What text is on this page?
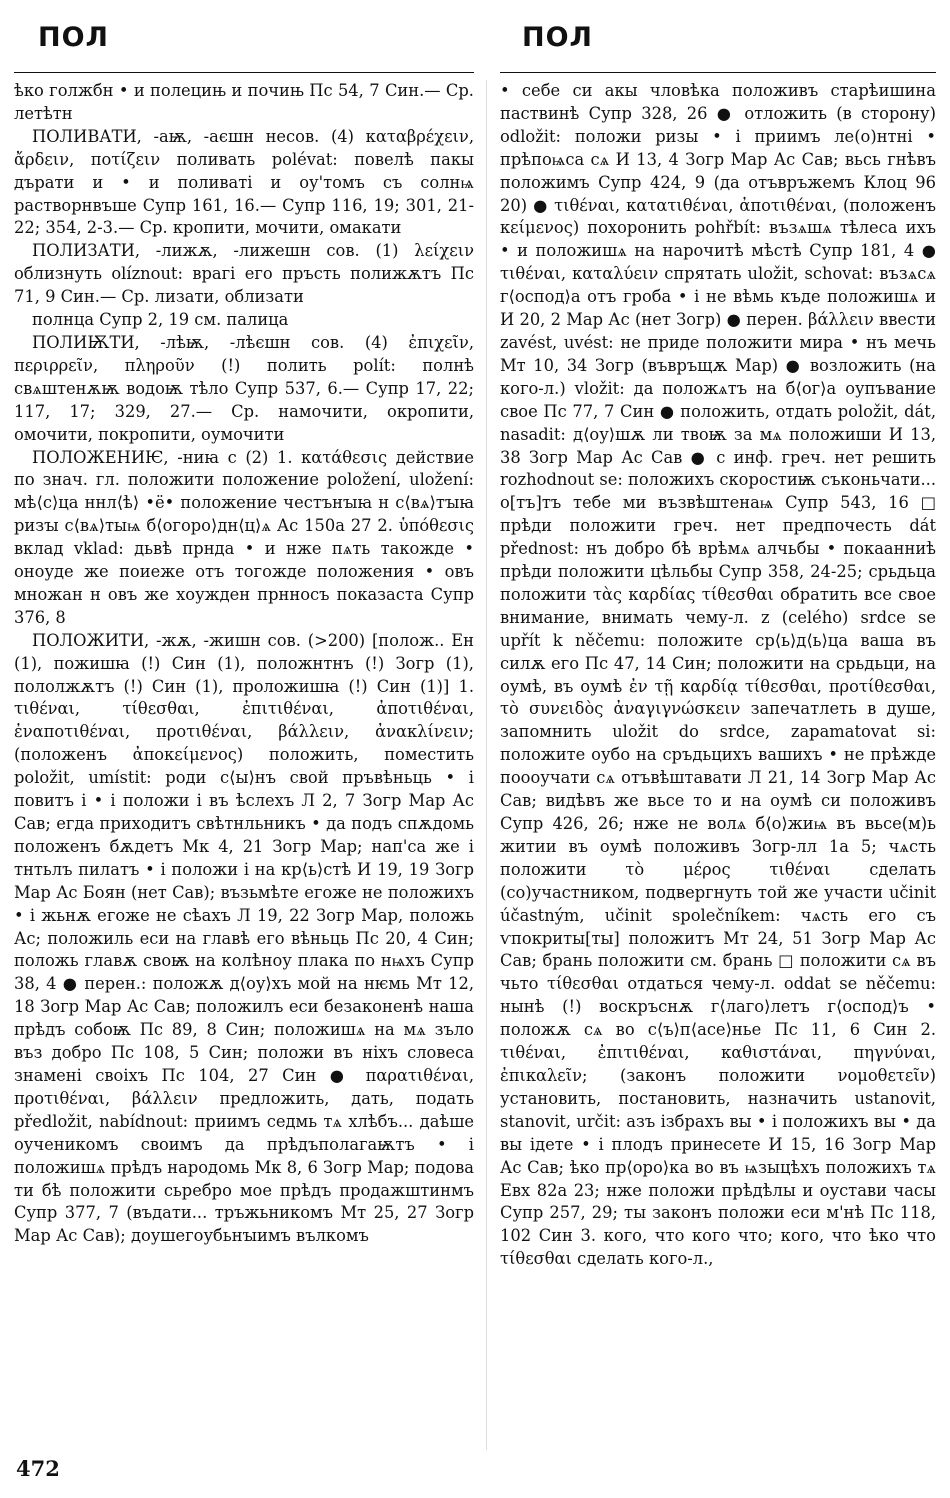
ПОЛ	ПОЛ

ѣко голжбн • и полецињ и почињ Пс 54, 7 Син.— Ср. летѣтн

ПОЛИВАТИ, -аѭ, -аєшн несов. (4) καταβρέχειν, ἄρδειν, ποτίζειν поливать polévat: повелѣ пакы дърати и • и поливаті и оу'томъ съ солнѩ растворнвъше Супр 161, 16.— Супр 116, 19; 301, 21-22; 354, 2-3.— Ср. кропити, мочити, омакати

ПОЛИЗАТИ, -лижѫ, -лижешн сов. (1) λείχειν облизнуть olíznout: врагі его пръсть полижѫтъ Пс 71, 9 Син.— Ср. лизати, облизати

полнца Супр 2, 19 см. палица

ПОЛИѬТИ, -лѣѭ, -лѣєшн сов. (4) ἐπιχεῖν, περιρρεῖν, πληροῦν (!) полить polít: полнѣ свѧштенѫѭ водоѭ тѣло Супр 537, 6.— Супр 17, 22; 117, 17; 329, 27.— Ср. намочити, окропити, омочити, покропити, оумочити

ПОЛОЖЕНИѤ, -ниꙗ с (2) 1. κατάθεσις действие по знач. гл. положити положение položení, uložení: мѣ⟨с⟩ца ннл⟨ѣ⟩ •ё• положение честънꙑꙗ н с⟨вѧ⟩тꙑꙗ ризꙑ с⟨вѧ⟩тыѩ б⟨огоро⟩дн⟨ц⟩ѧ Ас 150а 27 2. ὑπόθεσις вклад vklad: дьвѣ прнда • и нже пѧть такожде • оноуде же поиеже отъ тогожде положения • овъ множан н овъ же хоужден прнносъ показаста Супр 376, 8

ПОЛОЖИТИ, -жѫ, -жишн сов. (>200) [полож.. Ен (1), пожишꙗ (!) Син (1), положнтнъ (!) Зогр (1), пололжѫтъ (!) Син (1), проложишꙗ (!) Син (1)] 1. τιθέναι, τίθεσθαι, ἐπιτιθέναι, ἀποτιθέναι, ἐναποτιθέναι, προτιθέναι, βάλλειν, ἀνακλίνειν; (положенъ ἀποκείμενος) положить, поместить položit, umístit: роди с⟨ы⟩нъ свой пръвѣньць • і повитъ і • і положи і въ ѣслехъ Л 2, 7 Зогр Мар Ас Сав; егда приходитъ свѣтнльникъ • да подъ спѫдомь положенъ бѫдетъ Мк 4, 21 Зогр Мар; нап'са же і тнтьлъ пилатъ • і положи і на кр⟨ь⟩стѣ И 19, 19 Зогр Мар Ас Боян (нет Сав); възьмѣте егоже не положихъ • і жьнѫ егоже не сѣахъ Л 19, 22 Зогр Мар, положь Ас; положиль еси на главѣ его вѣньць Пс 20, 4 Син; положь главѫ своѭ на колѣноу плака по нѩхъ Супр 38, 4 ● перен.: положѫ д⟨оу⟩хъ мой на нѥмь Мт 12, 18 Зогр Мар Ас Сав; положилъ еси безаконенѣ наша прѣдъ собоѭ Пс 89, 8 Син; положишѧ на мѧ зъло въз добро Пс 108, 5 Син; положи въ ніхъ словеса знамені своіхъ Пс 104, 27 Син ● παρατιθέναι, προτιθέναι, βάλλειν предложить, дать, подать předložit, nabídnout: приимъ седмь тѧ хлѣбъ... даѣше оученикомъ своимъ да прѣдъполагаѭтъ • і положишѧ прѣдъ народомь Мк 8, 6 Зогр Мар; подова ти бѣ положити сьребро мое прѣдъ продажштинмъ Супр 377, 7 (въдати... тръжьникомъ Мт 25, 27 Зогр Мар Ас Сав); доушегоубьнꙑимъ вълкомъ

• себе си акы чловѣка положивъ старѣишина паствинѣ Супр 328, 26 ● отложить (в сторону) odložit: положи ризы • і приимъ ле(о)нтні • прѣпоѩса сѧ И 13, 4 Зогр Мар Ас Сав; вьсь гнѣвъ положимъ Супр 424, 9 (да отъвръжемъ Клоц 96 20) ● τιθέναι, κατατιθέναι, ἀποτιθέναι, (положенъ κείμενος) похоронить pohřbít: възѧшѧ тѣлеса ихъ • и положишѧ на нарочитѣ мѣстѣ Супр 181, 4 ● τιθέναι, καταλύειν спрятать uložit, schovat: възѧсѧ г⟨оспод⟩а отъ гроба • і не вѣмь къде положишѧ и И 20, 2 Мар Ас (нет Зогр) ● перен. βάλλειν ввести zavést, uvést: не приде положити мира • нъ мечь Мт 10, 34 Зогр (въвръщѫ Мар) ● возложить (на кого-л.) vložit: да положѧтъ на б⟨ог⟩а оупъвание свое Пс 77, 7 Син ● положить, отдать položit, dát, nasadit: д⟨оу⟩шѫ ли твоѭ за мѧ положиши И 13, 38 Зогр Мар Ас Сав ● с инф. греч. нет решить rozhodnout se: положихъ скоростиѭ съконьчати... о[тъ]тъ тебе ми възвѣштенаѩ Супр 543, 16 □ прѣди положити греч. нет предпочесть dát přednost: нъ добро бѣ врѣмѧ алчьбы • покаанниѣ прѣди положити цѣльбы Супр 358, 24-25; срьдьца положити τὰς καρδίας τίθεσθαι обратить все свое внимание, внимать чему-л. z (celého) srdce se upřít k něčemu: положите ср⟨ь⟩д⟨ь⟩ца ваша въ силѫ его Пс 47, 14 Син; положити на срьдьци, на оумѣ, въ оумѣ ἐν τῇ καρδίᾳ τίθεσθαι, προτίθεσθαι, τὸ συνειδὸς ἀναγιγνώσκειν запечатлеть в душе, запомнить uložit do srdce, zapamatovat si: положите оубо на сръдьцихъ вашихъ • не прѣжде поооучати сѧ отъвѣштавати Л 21, 14 Зогр Мар Ас Сав; видѣвъ же вьсе то и на оумѣ си положивъ Супр 426, 26; нже не волѧ б⟨о⟩жиѩ въ вьсе(м)ь житии въ оумѣ положивъ Зогр-лл 1а 5; чѧсть положити τὸ μέρος τιθέναι сделать (со)участником, подвергнуть той же участи učinit účastným, učinit společníkem: чѧсть его съ ѵпокриты[ты] положитъ Мт 24, 51 Зогр Мар Ас Сав; брань положити см. брань □ положити сѧ въ чьто τίθεσθαι отдаться чему-л. oddat se něčemu: нынѣ (!) воскръснѫ г⟨лаго⟩летъ г⟨оспод⟩ъ • положѫ сѧ во с⟨ъ⟩п⟨асе⟩нье Пс 11, 6 Син 2. τιθέναι, ἐπιτιθέναι, καθιστάναι, πηγνύναι, ἐπικαλεῖν; (законъ положити νομοθετεῖν) установить, постановить, назначить ustanovit, stanovit, určit: азъ ізбрахъ вы • і положихъ вы • да вы ідете • і плодъ принесете И 15, 16 Зогр Мар Ас Сав; ѣко пр⟨оро⟩ка во въ ѩзыцѣхъ положихъ тѧ Евх 82а 23; нже положи прѣдѣлы и оустави часы Супр 257, 29; ты законъ положи еси м'нѣ Пс 118, 102 Син 3. кого, что кого что; кого, что ѣко что τίθεσθαι сделать кого-л.,

472
